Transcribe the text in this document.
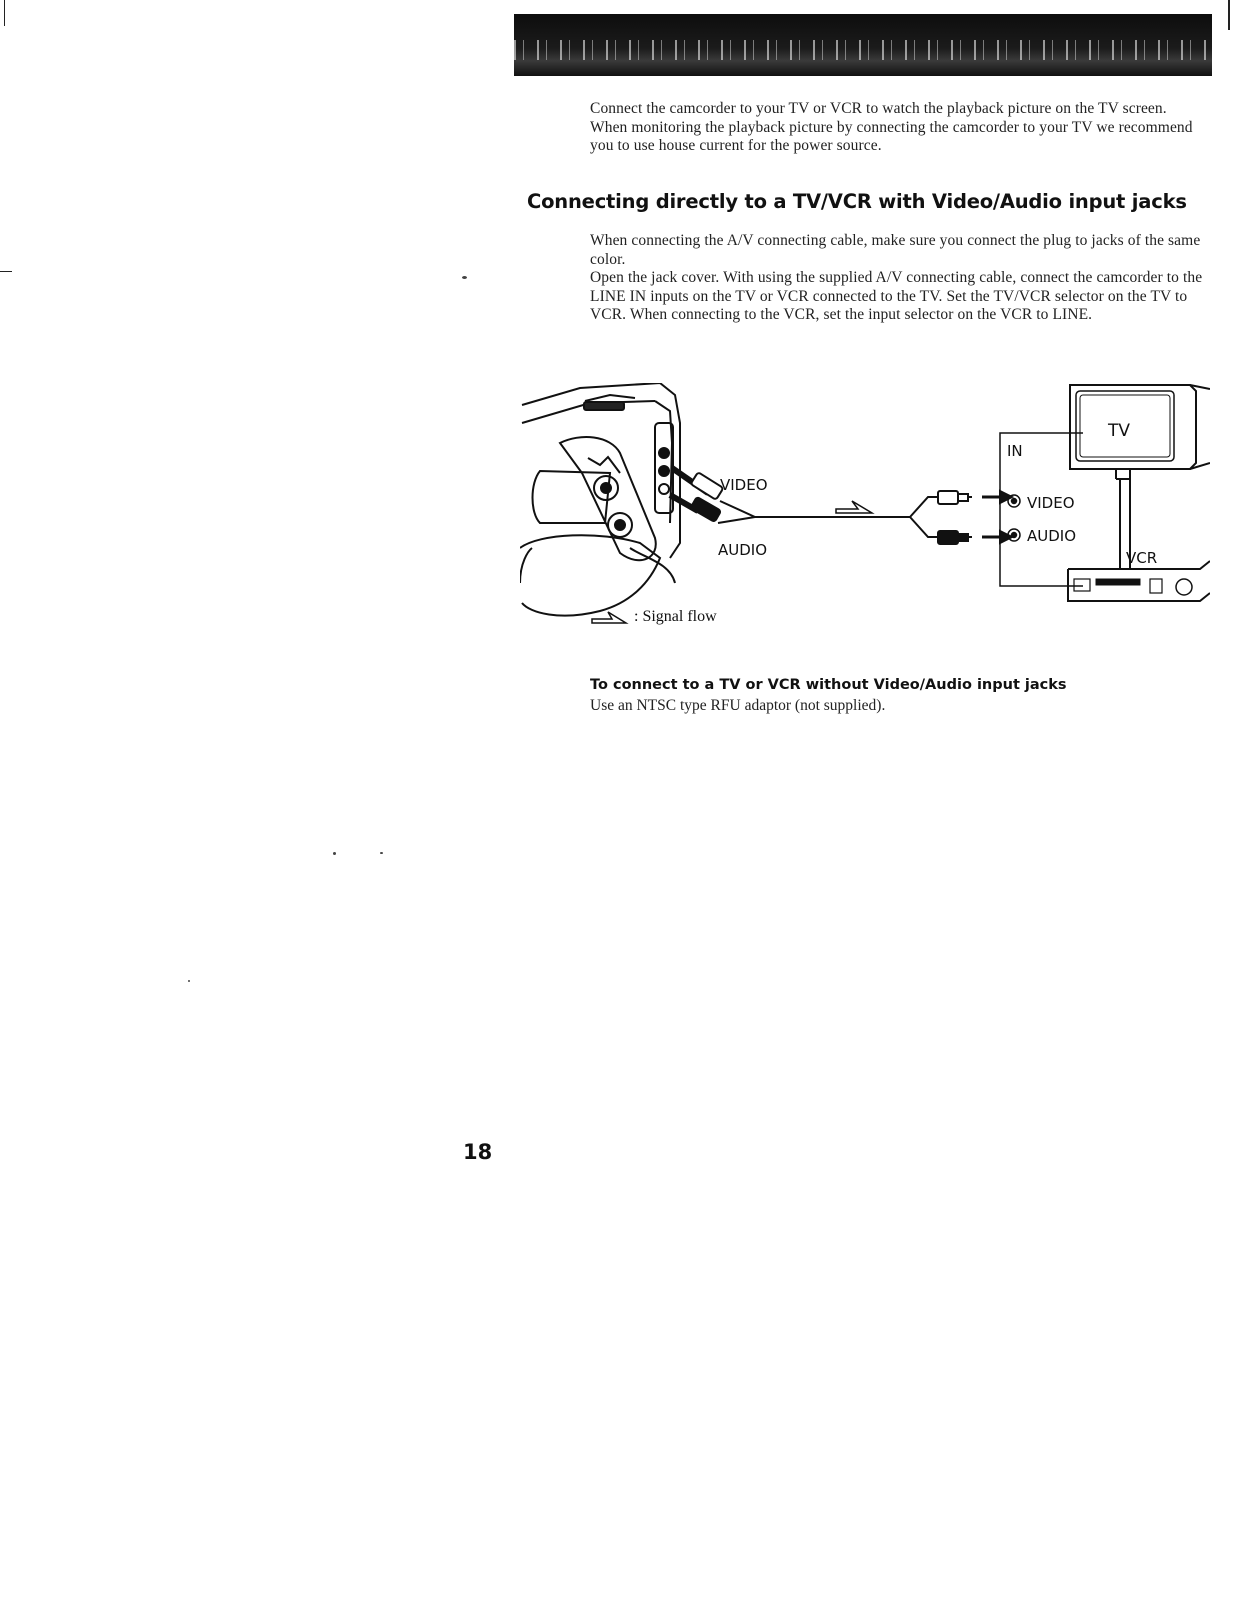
Connect the camcorder to your TV or VCR to watch the playback picture on the TV screen. When monitoring the playback picture by connecting the camcorder to your TV we recommend you to use house current for the power source.

Connecting directly to a TV/VCR with Video/Audio input jacks

When connecting the A/V connecting cable, make sure you connect the plug to jacks of the same color.

Open the jack cover. With using the supplied A/V connecting cable, connect the camcorder to the LINE IN inputs on the TV or VCR connected to the TV. Set the TV/VCR selector on the TV to VCR. When connecting to the VCR, set the input selector on the VCR to LINE.

VIDEO
AUDIO
IN
VIDEO
AUDIO
TV
VCR
: Signal flow
To connect to a TV or VCR without Video/Audio input jacks

Use an NTSC type RFU adaptor (not supplied).

18
